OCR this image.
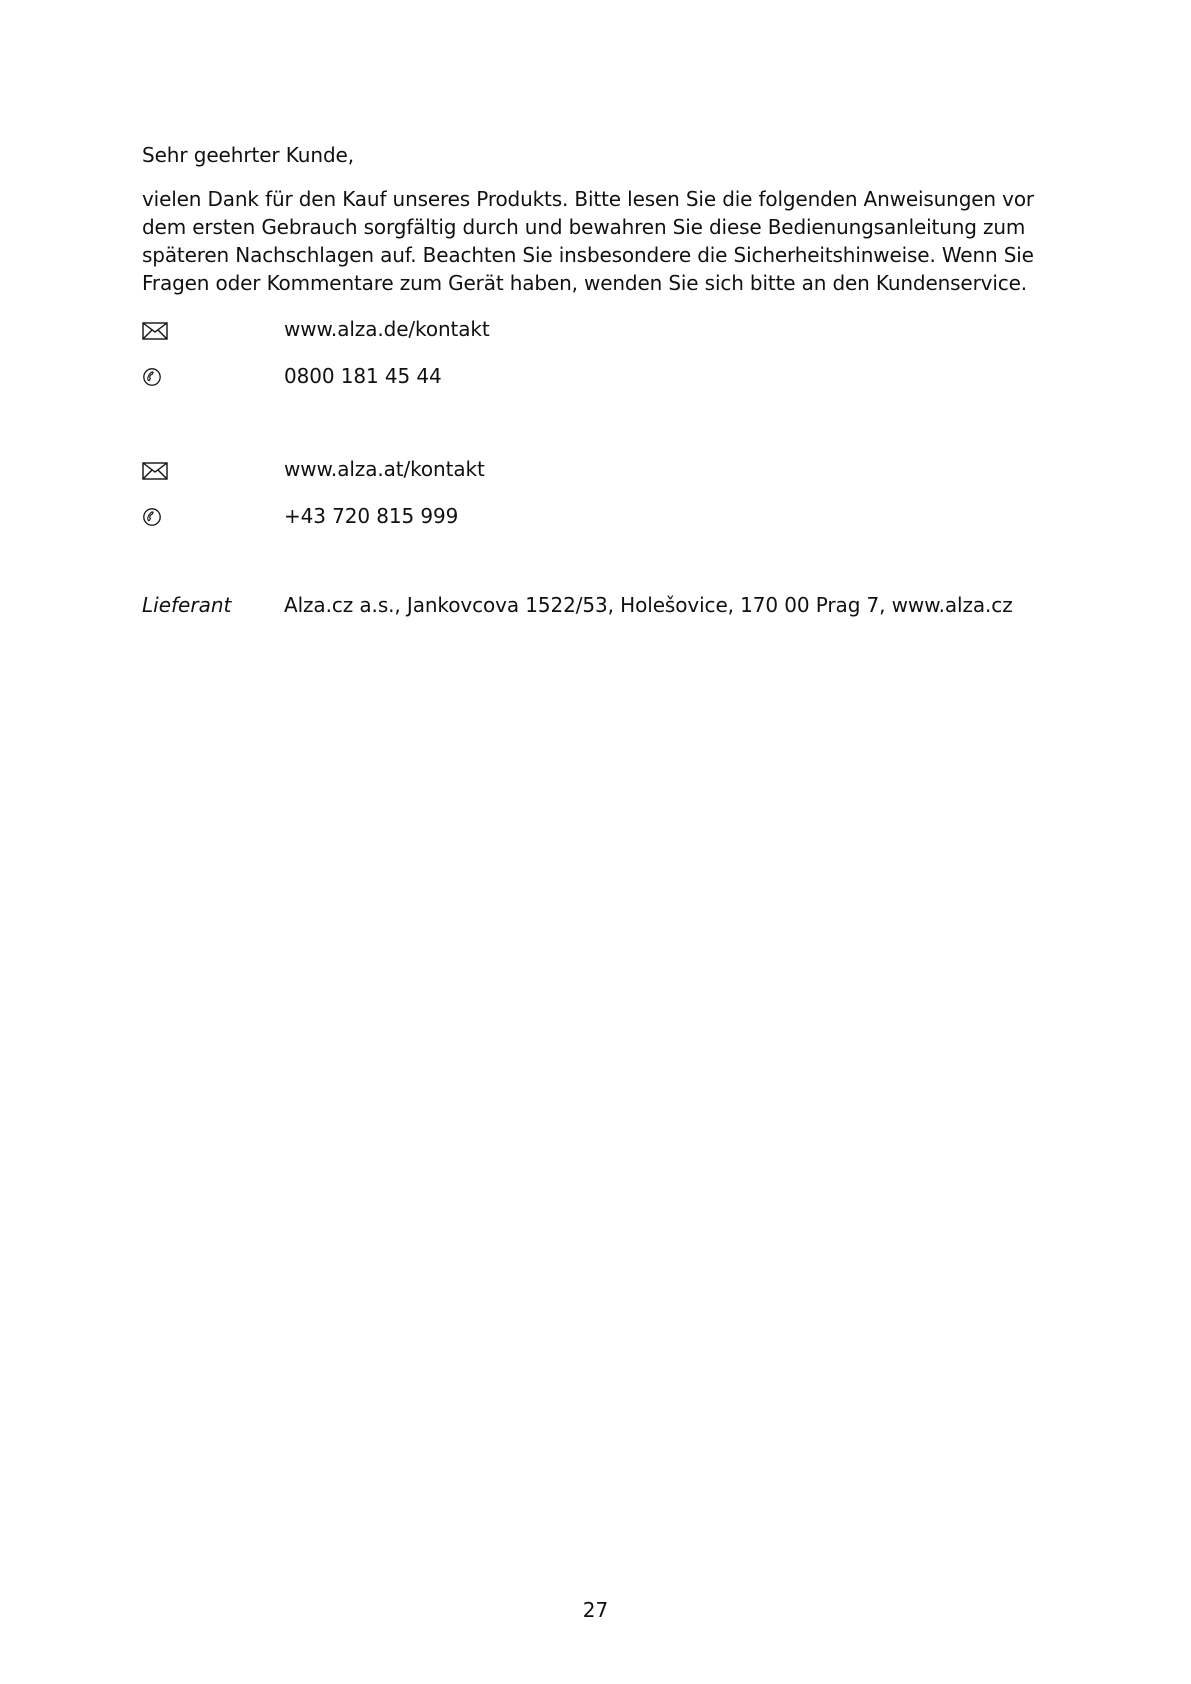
Sehr geehrter Kunde,

vielen Dank für den Kauf unseres Produkts. Bitte lesen Sie die folgenden Anweisungen vor
dem ersten Gebrauch sorgfältig durch und bewahren Sie diese Bedienungsanleitung zum
späteren Nachschlagen auf. Beachten Sie insbesondere die Sicherheitshinweise. Wenn Sie
Fragen oder Kommentare zum Gerät haben, wenden Sie sich bitte an den Kundenservice.

www.alza.de/kontakt
0800 181 45 44
www.alza.at/kontakt
+43 720 815 999
Lieferant	Alza.cz a.s., Jankovcova 1522/53, Holešovice, 170 00 Prag 7, www.alza.cz
27
